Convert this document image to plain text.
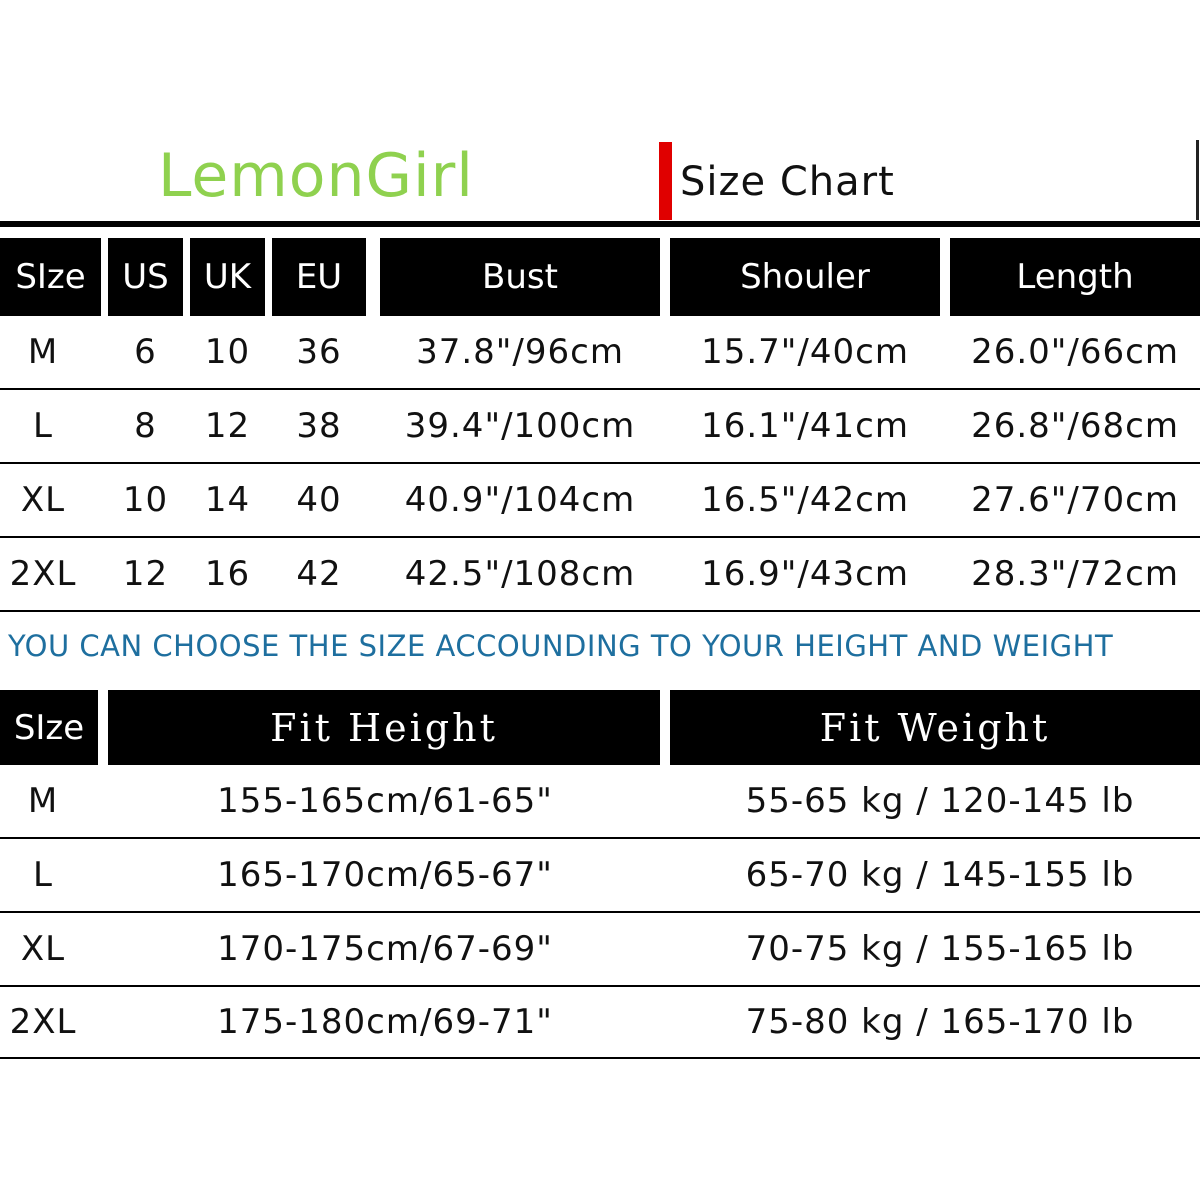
LemonGirl	Size Chart
SIze	US	UK	EU	Bust	Shouler	Length
M	6	10	36	37.8"/96cm	15.7"/40cm	26.0"/66cm
L	8	12	38	39.4"/100cm	16.1"/41cm	26.8"/68cm
XL	10	14	40	40.9"/104cm	16.5"/42cm	27.6"/70cm
2XL	12	16	42	42.5"/108cm	16.9"/43cm	28.3"/72cm
YOU CAN CHOOSE THE SIZE ACCOUNDING TO YOUR HEIGHT AND WEIGHT
SIze	Fit Height	Fit Weight
M	155-165cm/61-65"	55-65 kg / 120-145 lb
L	165-170cm/65-67"	65-70 kg / 145-155 lb
XL	170-175cm/67-69"	70-75 kg / 155-165 lb
2XL	175-180cm/69-71"	75-80 kg / 165-170 lb
